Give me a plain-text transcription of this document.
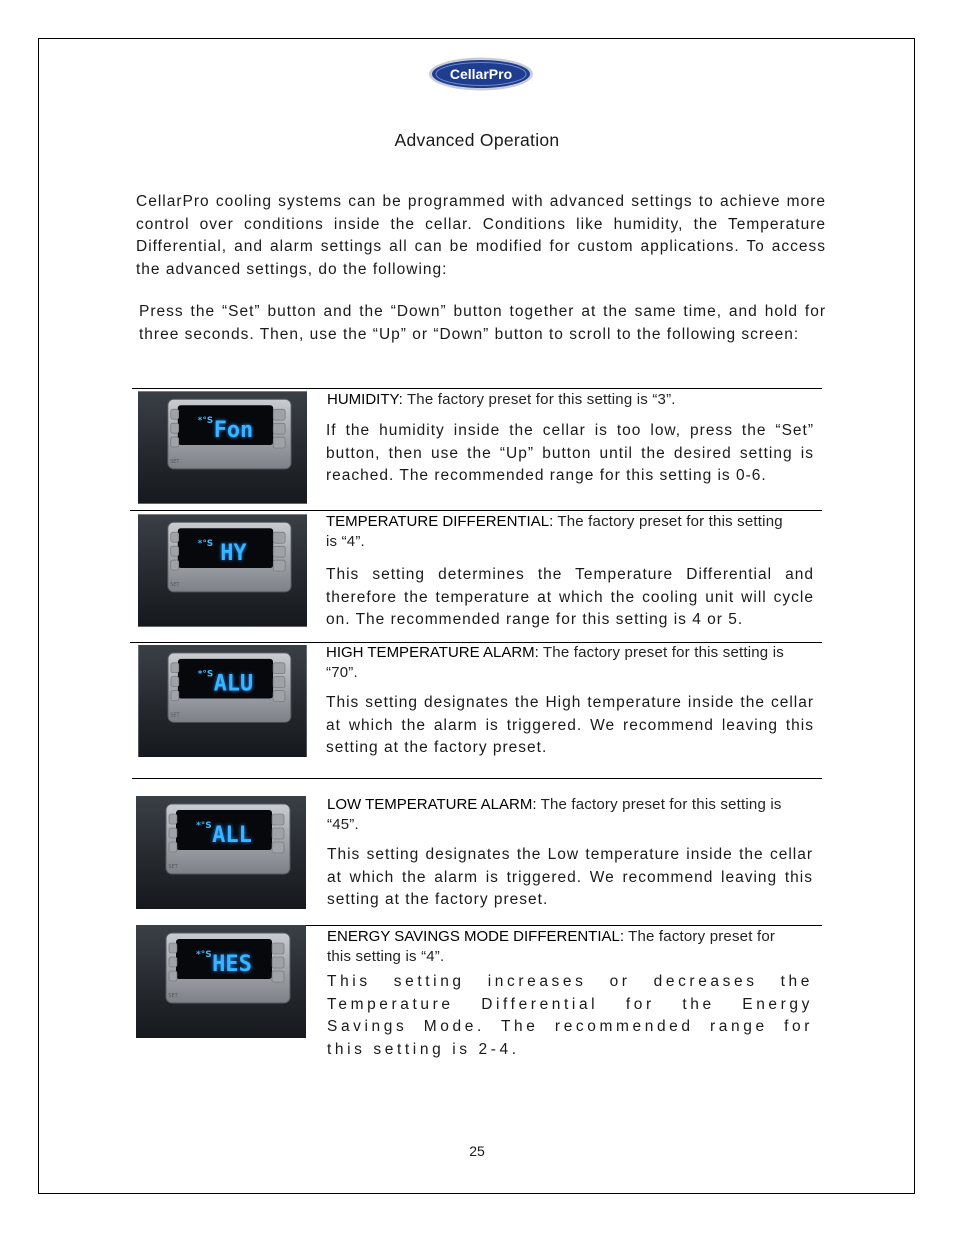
CellarPro
Advanced Operation

CellarPro cooling systems can be programmed with advanced settings to achieve more control over conditions inside the cellar. Conditions like humidity, the Temperature Differential, and alarm settings all can be modified for custom applications. To access the advanced settings, do the following:

Press the “Set” button and the “Down” button together at the same time, and hold for three seconds. Then, use the “Up” or “Down” button to scroll to the following screen:

*°S
SET
Fon
*°S
SET
HY
*°S
SET
ALU
*°S
SET
ALL
*°S
SET
HES

HUMIDITY: The factory preset for this setting is “3”.

If the humidity inside the cellar is too low, press the “Set” button, then use the “Up” button until the desired setting is reached. The recommended range for this setting is 0-6.

TEMPERATURE DIFFERENTIAL: The factory preset for this setting is “4”.

This setting determines the Temperature Differential and therefore the temperature at which the cooling unit will cycle on. The recommended range for this setting is 4 or 5.

HIGH TEMPERATURE ALARM: The factory preset for this setting is “70”.

This setting designates the High temperature inside the cellar at which the alarm is triggered. We recommend leaving this setting at the factory preset.

LOW TEMPERATURE ALARM: The factory preset for this setting is “45”.

This setting designates the Low temperature inside the cellar at which the alarm is triggered. We recommend leaving this setting at the factory preset.

ENERGY SAVINGS MODE DIFFERENTIAL: The factory preset for this setting is “4”.

This setting increases or decreases the Temperature Differential for the Energy Savings Mode. The recommended range for this setting is 2-4.

25
